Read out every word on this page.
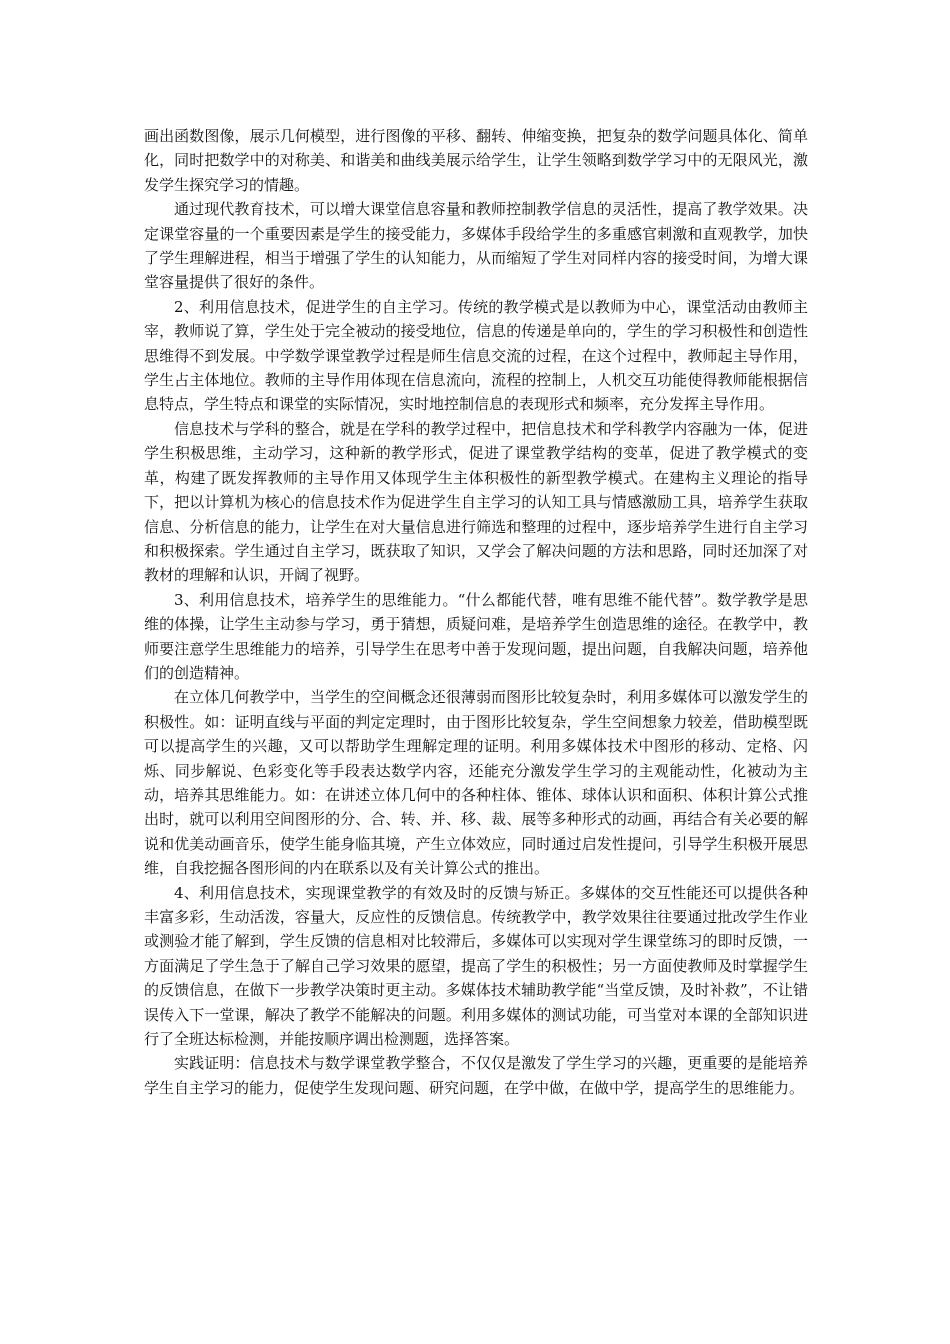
画出函数图像，展示几何模型，进行图像的平移、翻转、伸缩变换，把复杂的数学问题具体化、简单化，同时把数学中的对称美、和谐美和曲线美展示给学生，让学生领略到数学学习中的无限风光，激发学生探究学习的情趣。

通过现代教育技术，可以增大课堂信息容量和教师控制教学信息的灵活性，提高了教学效果。决定课堂容量的一个重要因素是学生的接受能力，多媒体手段给学生的多重感官刺激和直观教学，加快了学生理解进程，相当于增强了学生的认知能力，从而缩短了学生对同样内容的接受时间，为增大课堂容量提供了很好的条件。

2、利用信息技术，促进学生的自主学习。传统的教学模式是以教师为中心，课堂活动由教师主宰，教师说了算，学生处于完全被动的接受地位，信息的传递是单向的，学生的学习积极性和创造性思维得不到发展。中学数学课堂教学过程是师生信息交流的过程，在这个过程中，教师起主导作用，学生占主体地位。教师的主导作用体现在信息流向，流程的控制上，人机交互功能使得教师能根据信息特点，学生特点和课堂的实际情况，实时地控制信息的表现形式和频率，充分发挥主导作用。

信息技术与学科的整合，就是在学科的教学过程中，把信息技术和学科教学内容融为一体，促进学生积极思维，主动学习，这种新的教学形式，促进了课堂教学结构的变革，促进了教学模式的变革，构建了既发挥教师的主导作用又体现学生主体积极性的新型教学模式。在建构主义理论的指导下，把以计算机为核心的信息技术作为促进学生自主学习的认知工具与情感激励工具，培养学生获取信息、分析信息的能力，让学生在对大量信息进行筛选和整理的过程中，逐步培养学生进行自主学习和积极探索。学生通过自主学习，既获取了知识，又学会了解决问题的方法和思路，同时还加深了对教材的理解和认识，开阔了视野。

3、利用信息技术，培养学生的思维能力。“什么都能代替，唯有思维不能代替”。数学教学是思维的体操，让学生主动参与学习，勇于猜想，质疑问难，是培养学生创造思维的途径。在教学中，教师要注意学生思维能力的培养，引导学生在思考中善于发现问题，提出问题，自我解决问题，培养他们的创造精神。

在立体几何教学中，当学生的空间概念还很薄弱而图形比较复杂时，利用多媒体可以激发学生的积极性。如：证明直线与平面的判定定理时，由于图形比较复杂，学生空间想象力较差，借助模型既可以提高学生的兴趣，又可以帮助学生理解定理的证明。利用多媒体技术中图形的移动、定格、闪烁、同步解说、色彩变化等手段表达数学内容，还能充分激发学生学习的主观能动性，化被动为主动，培养其思维能力。如：在讲述立体几何中的各种柱体、锥体、球体认识和面积、体积计算公式推出时，就可以利用空间图形的分、合、转、并、移、裁、展等多种形式的动画，再结合有关必要的解说和优美动画音乐，使学生能身临其境，产生立体效应，同时通过启发性提问，引导学生积极开展思维，自我挖掘各图形间的内在联系以及有关计算公式的推出。

4、利用信息技术，实现课堂教学的有效及时的反馈与矫正。多媒体的交互性能还可以提供各种丰富多彩，生动活泼，容量大，反应性的反馈信息。传统教学中，教学效果往往要通过批改学生作业或测验才能了解到，学生反馈的信息相对比较滞后，多媒体可以实现对学生课堂练习的即时反馈，一方面满足了学生急于了解自己学习效果的愿望，提高了学生的积极性；另一方面使教师及时掌握学生的反馈信息，在做下一步教学决策时更主动。多媒体技术辅助教学能“当堂反馈，及时补救”，不让错误传入下一堂课，解决了教学不能解决的问题。利用多媒体的测试功能，可当堂对本课的全部知识进行了全班达标检测，并能按顺序调出检测题，选择答案。

实践证明：信息技术与数学课堂教学整合，不仅仅是激发了学生学习的兴趣，更重要的是能培养学生自主学习的能力，促使学生发现问题、研究问题，在学中做，在做中学，提高学生的思维能力。
